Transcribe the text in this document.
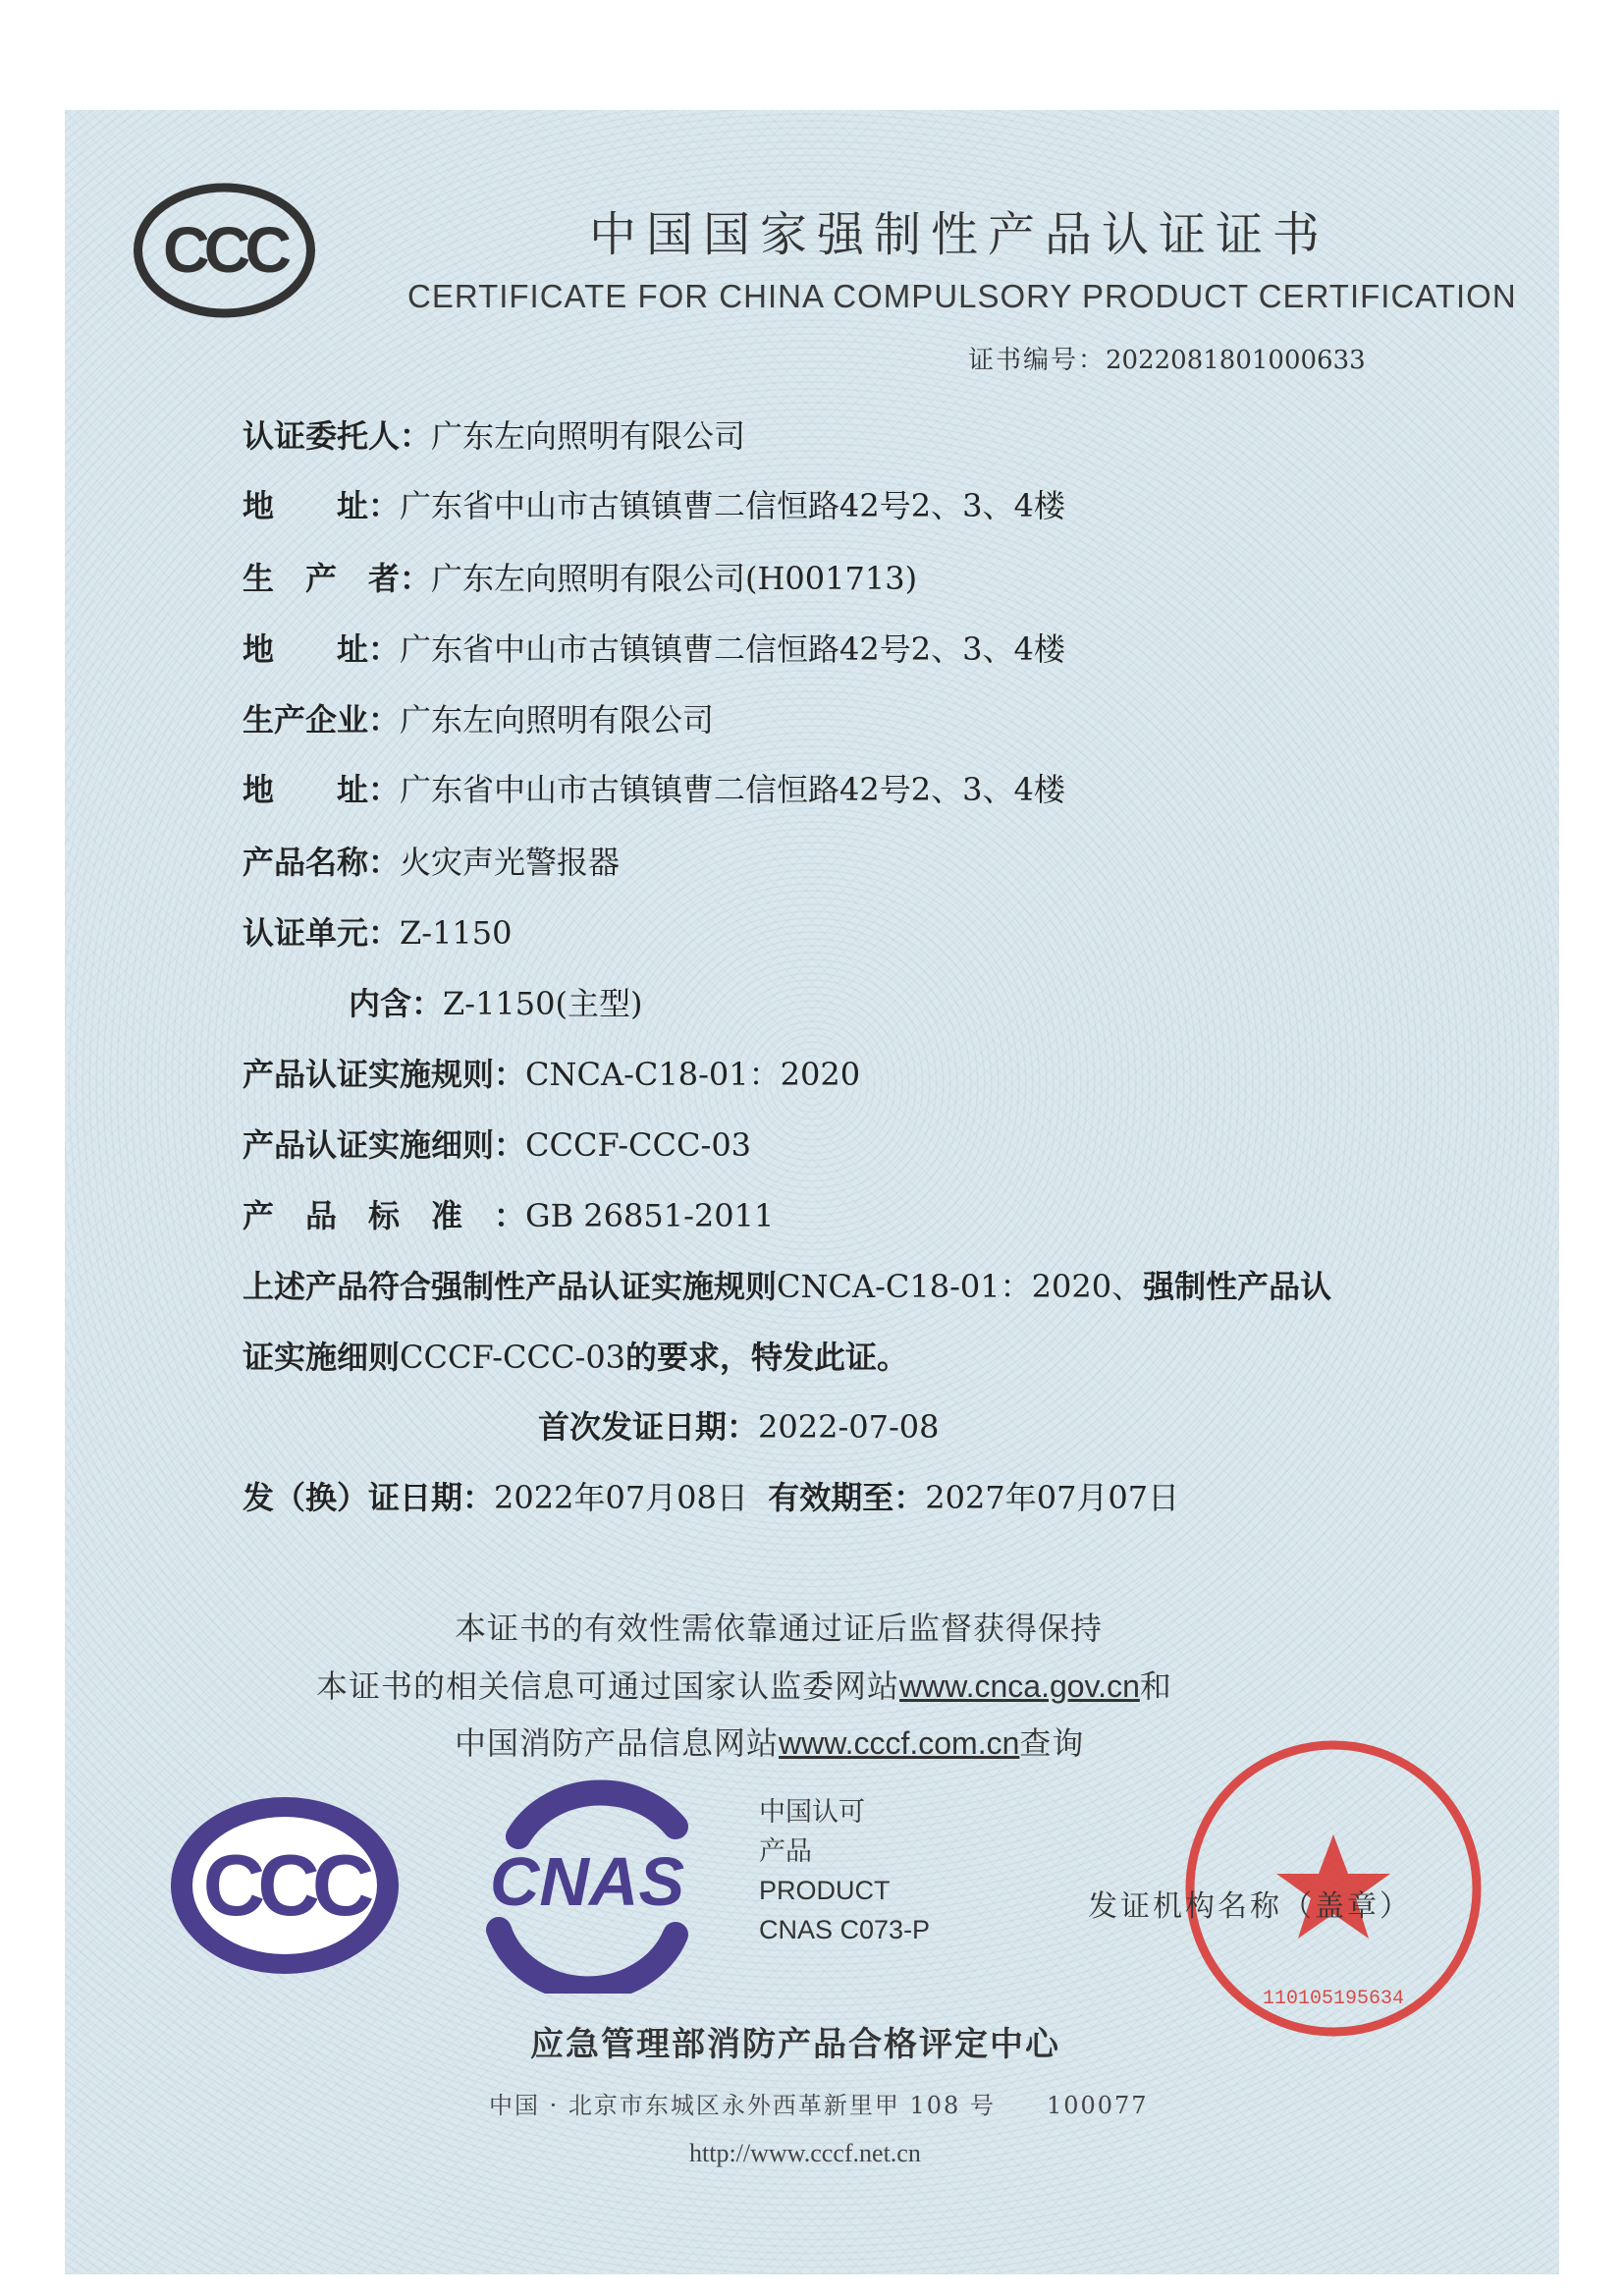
CCC	中国国家强制性产品认证证书
CERTIFICATE FOR CHINA COMPULSORY PRODUCT CERTIFICATION
证书编号：2022081801000633
认证委托人：广东左向照明有限公司
地　　址：广东省中山市古镇镇曹二信恒路42号2、3、4楼
生　产　者：广东左向照明有限公司(H001713)
地　　址：广东省中山市古镇镇曹二信恒路42号2、3、4楼
生产企业：广东左向照明有限公司
地　　址：广东省中山市古镇镇曹二信恒路42号2、3、4楼
产品名称：火灾声光警报器
认证单元：Z-1150
内含：Z-1150(主型)
产品认证实施规则：CNCA-C18-01：2020
产品认证实施细则：CCCF-CCC-03
产　品　标　准　：GB 26851-2011
上述产品符合强制性产品认证实施规则CNCA-C18-01：2020、强制性产品认
证实施细则CCCF-CCC-03的要求，特发此证。
首次发证日期：2022-07-08
发（换）证日期：2022年07月08日 有效期至：2027年07月07日
本证书的有效性需依靠通过证后监督获得保持
本证书的相关信息可通过国家认监委网站www.cnca.gov.cn和
中国消防产品信息网站www.cccf.com.cn查询
CCC CNAS
中国认可
产品
PRODUCT
CNAS C073-P
110105195634
发证机构名称（盖章）
应急管理部消防产品合格评定中心
中国 · 北京市东城区永外西革新里甲 108 号　　100077
http://www.cccf.net.cn
